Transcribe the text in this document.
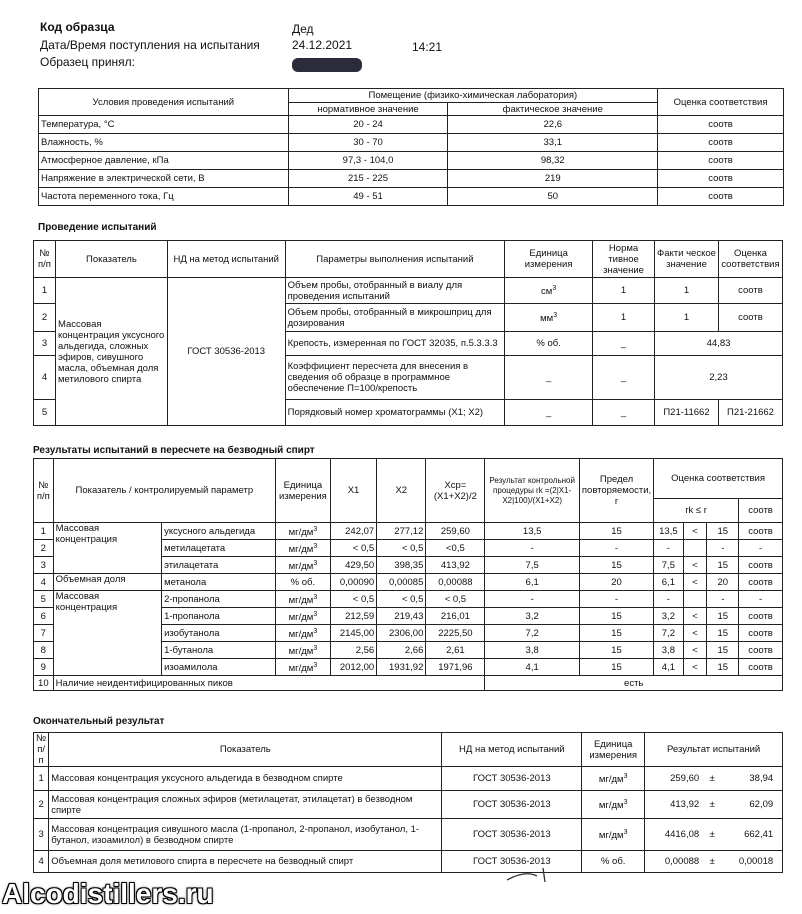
Код образца	Дед
Дата/Время поступления на испытания	24.12.2021	14:21
Образец принял:
Условия проведения испытаний	Помещение (физико-химическая лаборатория)		Оценка соответствия
	нормативное значение	фактическое значение	
Температура, °С	20 - 24	22,6	соотв
Влажность, %	30 - 70	33,1	соотв
Атмосферное давление, кПа	97,3 - 104,0	98,32	соотв
Напряжение в электрической сети, В	215 - 225	219	соотв
Частота переменного тока, Гц	49 - 51	50	соотв
Проведение испытаний
№ п/п	Показатель	НД на метод испытаний	Параметры выполнения испытаний	Единица измерения	Норма тивное значение	Факти ческое значение	Оценка соответствия
1	Массовая концентрация уксусного альдегида, сложных эфиров, сивушного масла, объемная доля метилового спирта	ГОСТ 30536-2013	Объем пробы, отобранный в виалу для проведения испытаний	$см^3$	1	1	соотв
2			Объем пробы, отобранный в микрошприц для дозирования	$мм^3$	1	1	соотв
3			Крепость, измеренная по ГОСТ 32035, п.5.3.3.3	% об.	_	44,83	
4			Коэффициент пересчета для внесения в сведения об образце в программное обеспечение П=100/крепость	_	_	2,23	
5			Порядковый номер хроматограммы (X1; X2)	_	_	П21-11662	П21-21662
Результаты испытаний в пересчете на безводный спирт
№ п/п	Показатель / контролируемый параметр		Единица измерения	X1	X2	Xср= (X1+X2)/2	Результат контрольной процедуры rk =(2|X1-X2|100)/(X1+X2)	Предел повторяемости, r	Оценка соответствия			
									rk ≤ r			соотв
1	Массовая концентрация	уксусного альдегида	$мг/дм^3$	242,07	277,12	259,60	13,5	15	13,5	<	15	соотв
2		метилацетата	$мг/дм^3$	< 0,5	< 0,5	<0,5	-	-	-		-	-
3		этилацетата	$мг/дм^3$	429,50	398,35	413,92	7,5	15	7,5	<	15	соотв
4	Объемная доля	метанола	% об.	0,00090	0,00085	0,00088	6,1	20	6,1	<	20	соотв
5	Массовая концентрация	2-пропанола	$мг/дм^3$	< 0,5	< 0,5	< 0,5	-	-	-		-	-
6		1-пропанола	$мг/дм^3$	212,59	219,43	216,01	3,2	15	3,2	<	15	соотв
7		изобутанола	$мг/дм^3$	2145,00	2306,00	2225,50	7,2	15	7,2	<	15	соотв
8		1-бутанола	$мг/дм^3$	2,56	2,66	2,61	3,8	15	3,8	<	15	соотв
9		изоамилола	$мг/дм^3$	2012,00	1931,92	1971,96	4,1	15	4,1	<	15	соотв
10	Наличие неидентифицированных пиков						есть					
Окончательный результат
№ п/п	Показатель	НД на метод испытаний	Единица измерения	Результат испытаний
1	Массовая концентрация уксусного альдегида в безводном спирте	ГОСТ 30536-2013	$мг/дм^3$	259,60 ± 38,94
2	Массовая концентрация сложных эфиров (метилацетат, этилацетат) в безводном спирте	ГОСТ 30536-2013	$мг/дм^3$	413,92 ± 62,09
3	Массовая концентрация сивушного масла (1-пропанол, 2-пропанол, изобутанол, 1-бутанол, изоамилол) в безводном спирте	ГОСТ 30536-2013	$мг/дм^3$	4416,08 ± 662,41
4	Объемная доля метилового спирта в пересчете на безводный спирт	ГОСТ 30536-2013	% об.	0,00088 ± 0,00018
Alcodistillers.ru
